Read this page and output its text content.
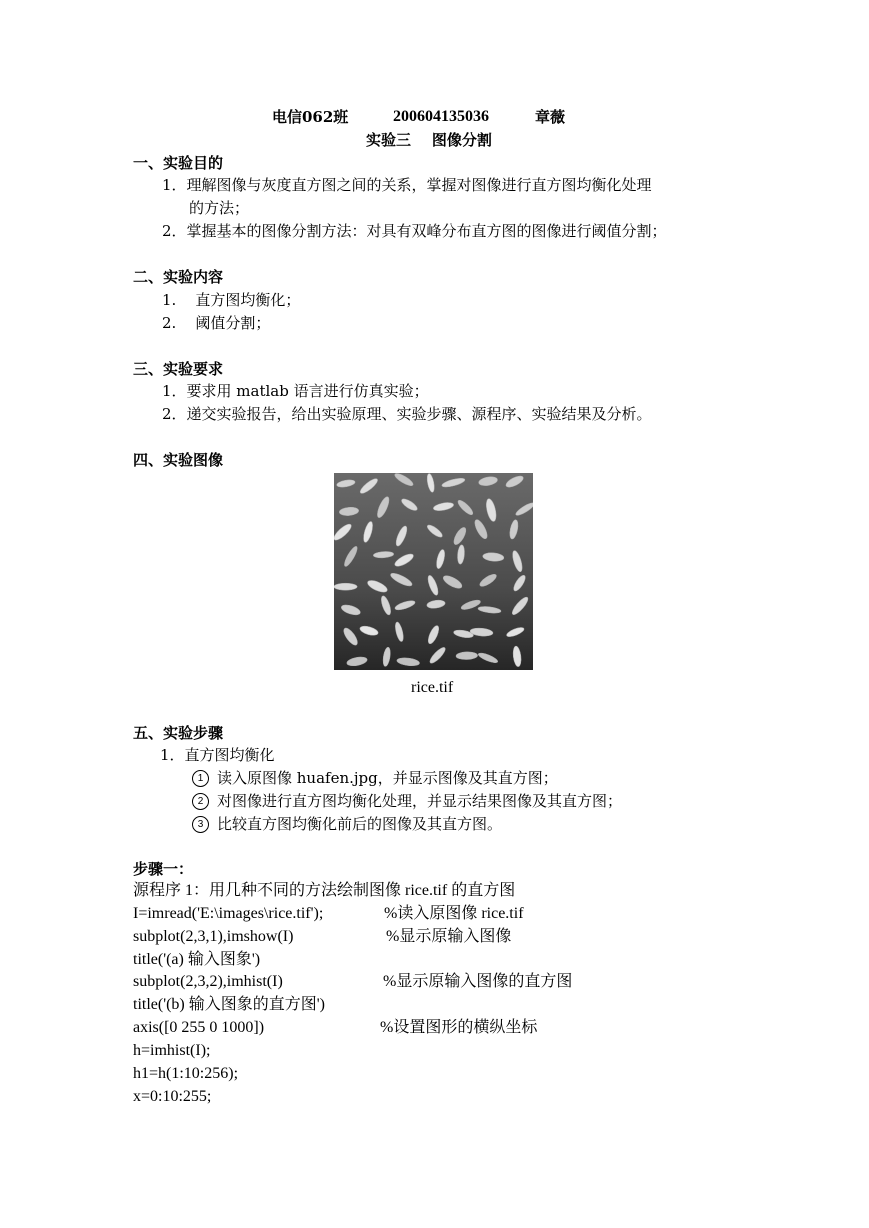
电信062班	200604135036	章薇
实验三    图像分割
一、实验目的
1．理解图像与灰度直方图之间的关系，掌握对图像进行直方图均衡化处理
的方法；
2．掌握基本的图像分割方法：对具有双峰分布直方图的图像进行阈值分割；
二、实验内容
1.    直方图均衡化；
2.    阈值分割；
三、实验要求
1．要求用 matlab 语言进行仿真实验；
2．递交实验报告，给出实验原理、实验步骤、源程序、实验结果及分析。
四、实验图像
rice.tif
五、实验步骤
1．直方图均衡化
1 读入原图像 huafen.jpg，并显示图像及其直方图；
2 对图像进行直方图均衡化处理，并显示结果图像及其直方图；
3 比较直方图均衡化前后的图像及其直方图。
步骤一：
源程序 1：用几种不同的方法绘制图像 rice.tif 的直方图
I=imread('E:\images\rice.tif');	%读入原图像 rice.tif
subplot(2,3,1),imshow(I)	%显示原输入图像
title('(a) 输入图象')
subplot(2,3,2),imhist(I)	%显示原输入图像的直方图
title('(b) 输入图象的直方图')
axis([0 255 0 1000])	%设置图形的横纵坐标
h=imhist(I);
h1=h(1:10:256);
x=0:10:255;
